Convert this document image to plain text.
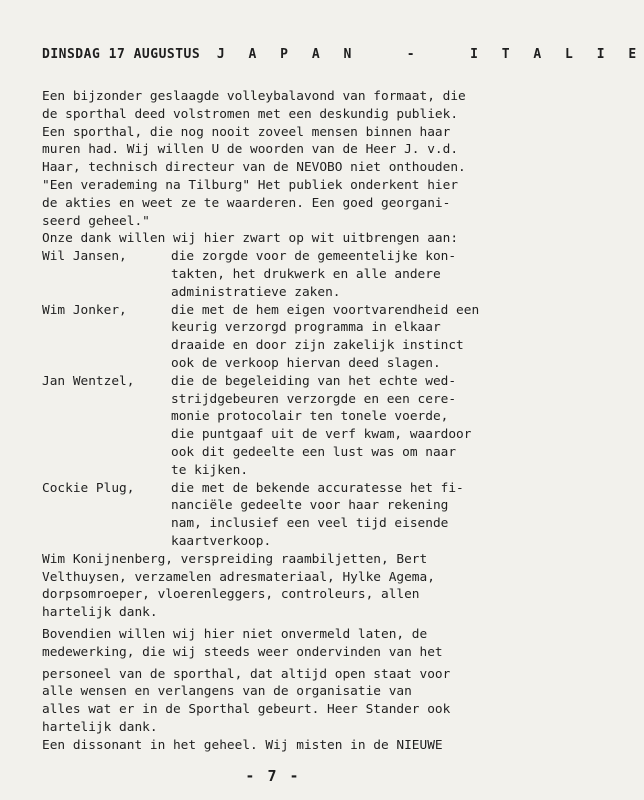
DINSDAG 17 AUGUSTUS J A P A N   -   I T A L I E

Een bijzonder geslaagde volleybalavond van formaat, die

de sporthal deed volstromen met een deskundig publiek.

Een sporthal, die nog nooit zoveel mensen binnen haar

muren had. Wij willen U de woorden van de Heer J. v.d.

Haar, technisch directeur van de NEVOBO niet onthouden.

"Een verademing na Tilburg" Het publiek onderkent hier

de akties en weet ze te waarderen. Een goed georgani-

seerd geheel."

Onze dank willen wij hier zwart op wit uitbrengen aan:

Wil Jansen,	die zorgde voor de gemeentelijke kon-

takten, het drukwerk en alle andere

administratieve zaken.

Wim Jonker,	die met de hem eigen voortvarendheid een

keurig verzorgd programma in elkaar

draaide en door zijn zakelijk instinct

ook de verkoop hiervan deed slagen.

Jan Wentzel,	die de begeleiding van het echte wed-

strijdgebeuren verzorgde en een cere-

monie protocolair ten tonele voerde,

die puntgaaf uit de verf kwam, waardoor

ook dit gedeelte een lust was om naar

te kijken.

Cockie Plug,	die met de bekende accuratesse het fi-

nanciële gedeelte voor haar rekening

nam, inclusief een veel tijd eisende

kaartverkoop.

Wim Konijnenberg, verspreiding raambiljetten, Bert

Velthuysen, verzamelen adresmateriaal, Hylke Agema,

dorpsomroeper, vloerenleggers, controleurs, allen

hartelijk dank.

Bovendien willen wij hier niet onvermeld laten, de

medewerking, die wij steeds weer ondervinden van het

personeel van de sporthal, dat altijd open staat voor

alle wensen en verlangens van de organisatie van

alles wat er in de Sporthal gebeurt. Heer Stander ook

hartelijk dank.

Een dissonant in het geheel. Wij misten in de NIEUWE

- 7 -
